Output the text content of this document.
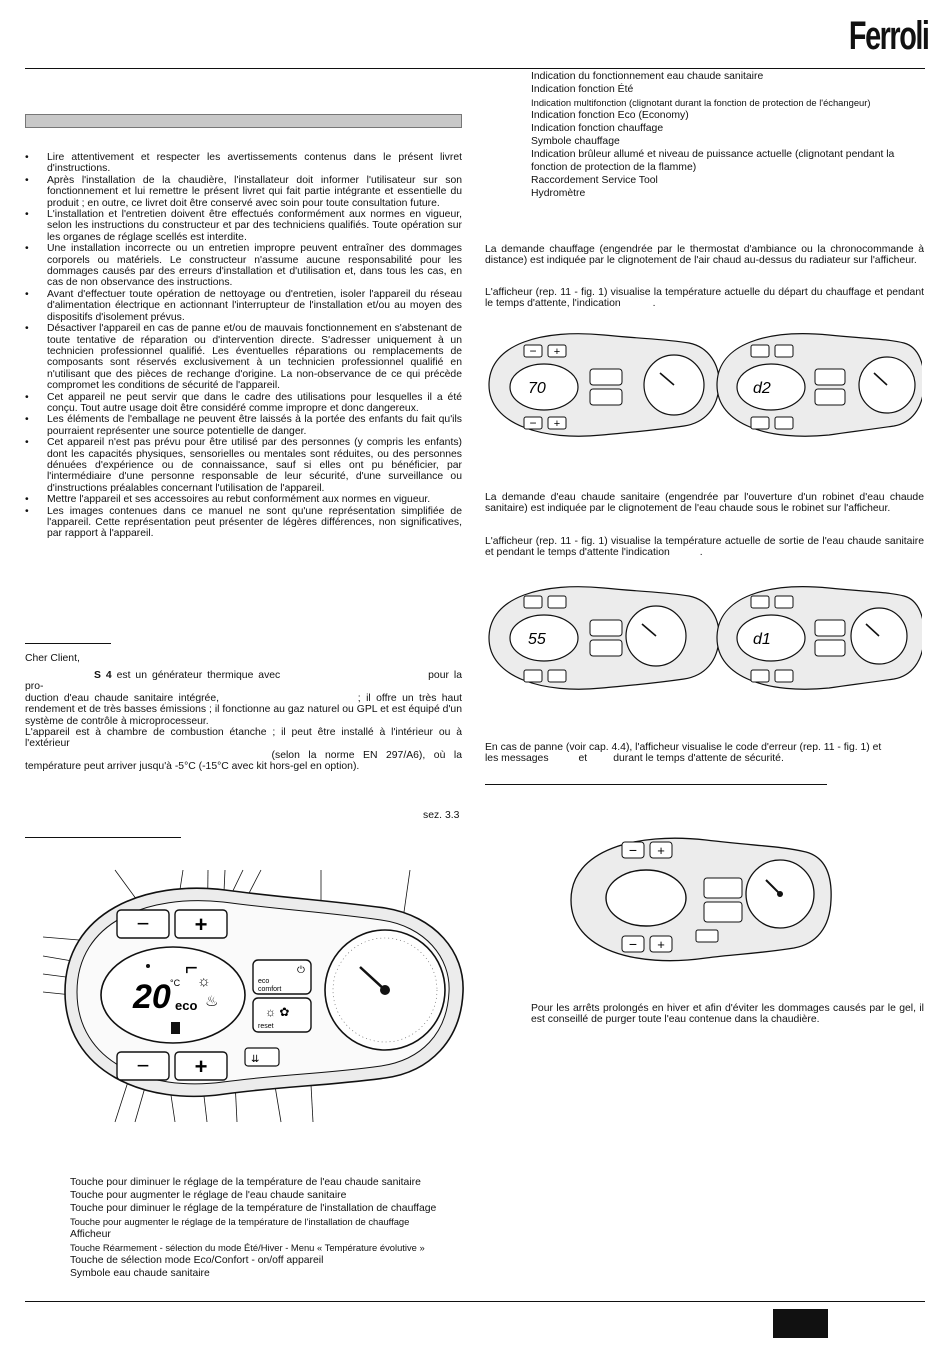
Ferroli
• Lire attentivement et respecter les avertissements contenus dans le présent livret d'instructions.
• Après l'installation de la chaudière, l'installateur doit informer l'utilisateur sur son fonctionnement et lui remettre le présent livret qui fait partie intégrante et essentielle du produit ; en outre, ce livret doit être conservé avec soin pour toute consultation future.
• L'installation et l'entretien doivent être effectués conformément aux normes en vigueur, selon les instructions du constructeur et par des techniciens qualifiés. Toute opération sur les organes de réglage scellés est interdite.
• Une installation incorrecte ou un entretien impropre peuvent entraîner des dommages corporels ou matériels. Le constructeur n'assume aucune responsabilité pour les dommages causés par des erreurs d'installation et d'utilisation et, dans tous les cas, en cas de non observance des instructions.
• Avant d'effectuer toute opération de nettoyage ou d'entretien, isoler l'appareil du réseau d'alimentation électrique en actionnant l'interrupteur de l'installation et/ou au moyen des dispositifs d'isolement prévus.
• Désactiver l'appareil en cas de panne et/ou de mauvais fonctionnement en s'abstenant de toute tentative de réparation ou d'intervention directe. S'adresser uniquement à un technicien professionnel qualifié. Les éventuelles réparations ou remplacements de composants sont réservés exclusivement à un technicien professionnel qualifié en n'utilisant que des pièces de rechange d'origine. La non-observance de ce qui précède compromet les conditions de sécurité de l'appareil.
• Cet appareil ne peut servir que dans le cadre des utilisations pour lesquelles il a été conçu. Tout autre usage doit être considéré comme impropre et donc dangereux.
• Les éléments de l'emballage ne peuvent être laissés à la portée des enfants du fait qu'ils pourraient représenter une source potentielle de danger.
• Cet appareil n'est pas prévu pour être utilisé par des personnes (y compris les enfants) dont les capacités physiques, sensorielles ou mentales sont réduites, ou des personnes dénuées d'expérience ou de connaissance, sauf si elles ont pu bénéficier, par l'intermédiaire d'une personne responsable de leur sécurité, d'une surveillance ou d'instructions préalables concernant l'utilisation de l'appareil.
• Mettre l'appareil et ses accessoires au rebut conformément aux normes en vigueur.
• Les images contenues dans ce manuel ne sont qu'une représentation simplifiée de l'appareil. Cette représentation peut présenter de légères différences, non significatives, par rapport à l'appareil.
Cher Client,
S 4 est un générateur thermique avec	pour la pro-
duction d'eau chaude sanitaire intégrée,	; il offre un très haut rendement et de très basses émissions ; il fonctionne au gaz naturel ou GPL et est équipé d'un système de contrôle à microprocesseur.
L'appareil est à chambre de combustion étanche ; il peut être installé à l'intérieur ou à l'extérieur
(selon la norme EN 297/A6), où la température peut arriver jusqu'à -5°C (-15°C avec kit hors-gel en option).
sez. 3.3
− +
− +
20 °C
eco
⌐
☼
♨
⏻
eco
comfort
☼ ✿
reset
⇊
Touche pour diminuer le réglage de la température de l'eau chaude sanitaire
Touche pour augmenter le réglage de l'eau chaude sanitaire
Touche pour diminuer le réglage de la température de l'installation de chauffage
Touche pour augmenter le réglage de la température de l'installation de chauffage
Afficheur
Touche Réarmement - sélection du mode Été/Hiver - Menu « Température évolutive »
Touche de sélection mode Eco/Confort - on/off appareil
Symbole eau chaude sanitaire
Indication du fonctionnement eau chaude sanitaire
Indication fonction Été
Indication multifonction (clignotant durant la fonction de protection de l'échangeur)
Indication fonction Eco (Economy)
Indication fonction chauffage
Symbole chauffage
Indication brûleur allumé et niveau de puissance actuelle (clignotant pendant la
fonction de protection de la flamme)
Raccordement Service Tool
Hydromètre
La demande chauffage (engendrée par le thermostat d'ambiance ou la chronocommande à distance) est indiquée par le clignotement de l'air chaud au-dessus du radiateur sur l'afficheur.
L'afficheur (rep. 11 - fig. 1) visualise la température actuelle du départ du chauffage et pendant le temps d'attente, l'indication	.
La demande d'eau chaude sanitaire (engendrée par l'ouverture d'un robinet d'eau chaude sanitaire) est indiquée par le clignotement de l'eau chaude sous le robinet sur l'afficheur.
L'afficheur (rep. 11 - fig. 1) visualise la température actuelle de sortie de l'eau chaude sanitaire et pendant le temps d'attente l'indication	.
En cas de panne (voir cap. 4.4), l'afficheur visualise le code d'erreur (rep. 11 - fig. 1) et
les messages	et	durant le temps d'attente de sécurité.
Pour les arrêts prolongés en hiver et afin d'éviter les dommages causés par le gel, il est conseillé de purger toute l'eau contenue dans la chaudière.
− +
− +
70	d2
55	d1
− +
− +
